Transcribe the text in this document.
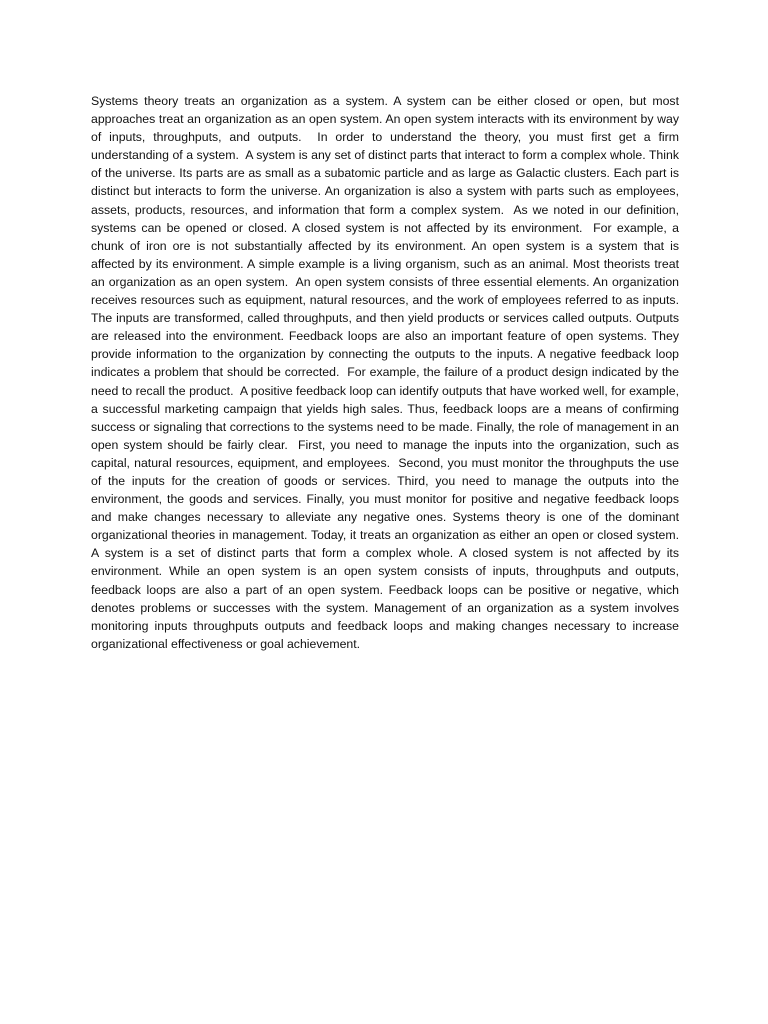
Systems theory treats an organization as a system. A system can be either closed or open, but most approaches treat an organization as an open system. An open system interacts with its environment by way of inputs, throughputs, and outputs.  In order to understand the theory, you must first get a firm understanding of a system.  A system is any set of distinct parts that interact to form a complex whole. Think of the universe. Its parts are as small as a subatomic particle and as large as Galactic clusters. Each part is distinct but interacts to form the universe. An organization is also a system with parts such as employees, assets, products, resources, and information that form a complex system.  As we noted in our definition, systems can be opened or closed. A closed system is not affected by its environment.  For example, a chunk of iron ore is not substantially affected by its environment. An open system is a system that is affected by its environment. A simple example is a living organism, such as an animal. Most theorists treat an organization as an open system.  An open system consists of three essential elements. An organization receives resources such as equipment, natural resources, and the work of employees referred to as inputs. The inputs are transformed, called throughputs, and then yield products or services called outputs. Outputs are released into the environment. Feedback loops are also an important feature of open systems. They provide information to the organization by connecting the outputs to the inputs. A negative feedback loop indicates a problem that should be corrected.  For example, the failure of a product design indicated by the need to recall the product.  A positive feedback loop can identify outputs that have worked well, for example, a successful marketing campaign that yields high sales. Thus, feedback loops are a means of confirming success or signaling that corrections to the systems need to be made. Finally, the role of management in an open system should be fairly clear.  First, you need to manage the inputs into the organization, such as capital, natural resources, equipment, and employees.  Second, you must monitor the throughputs the use of the inputs for the creation of goods or services. Third, you need to manage the outputs into the environment, the goods and services. Finally, you must monitor for positive and negative feedback loops and make changes necessary to alleviate any negative ones. Systems theory is one of the dominant organizational theories in management. Today, it treats an organization as either an open or closed system. A system is a set of distinct parts that form a complex whole. A closed system is not affected by its environment. While an open system is an open system consists of inputs, throughputs and outputs, feedback loops are also a part of an open system. Feedback loops can be positive or negative, which denotes problems or successes with the system. Management of an organization as a system involves monitoring inputs throughputs outputs and feedback loops and making changes necessary to increase organizational effectiveness or goal achievement.
